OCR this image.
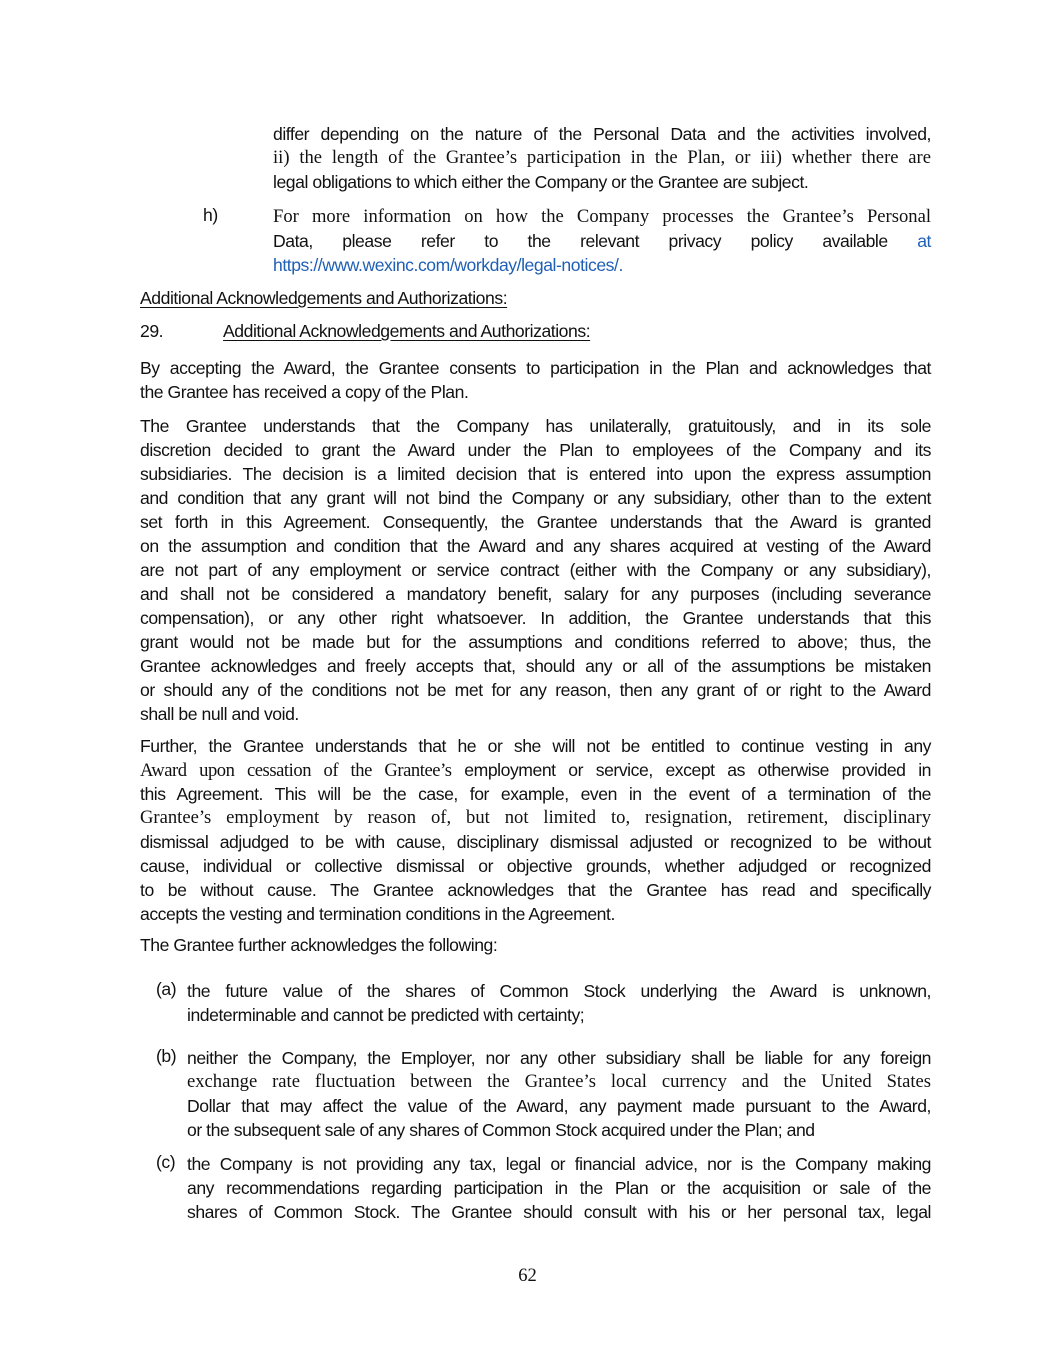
differ depending on the nature of the Personal Data and the activities involved,
ii) the length of the Grantee’s participation in the Plan, or iii) whether there are
legal obligations to which either the Company or the Grantee are subject.
h)	For more information on how the Company processes the Grantee’s Personal
Data, please refer to the relevant privacy policy available at
https://www.wexinc.com/workday/legal-notices/.
Additional Acknowledgements and Authorizations:
29.	Additional Acknowledgements and Authorizations:
By accepting the Award, the Grantee consents to participation in the Plan and acknowledges that
the Grantee has received a copy of the Plan.
The Grantee understands that the Company has unilaterally, gratuitously, and in its sole
discretion decided to grant the Award under the Plan to employees of the Company and its
subsidiaries. The decision is a limited decision that is entered into upon the express assumption
and condition that any grant will not bind the Company or any subsidiary, other than to the extent
set forth in this Agreement. Consequently, the Grantee understands that the Award is granted
on the assumption and condition that the Award and any shares acquired at vesting of the Award
are not part of any employment or service contract (either with the Company or any subsidiary),
and shall not be considered a mandatory benefit, salary for any purposes (including severance
compensation), or any other right whatsoever. In addition, the Grantee understands that this
grant would not be made but for the assumptions and conditions referred to above; thus, the
Grantee acknowledges and freely accepts that, should any or all of the assumptions be mistaken
or should any of the conditions not be met for any reason, then any grant of or right to the Award
shall be null and void.
Further, the Grantee understands that he or she will not be entitled to continue vesting in any
Award upon cessation of the Grantee’s employment or service, except as otherwise provided in
this Agreement. This will be the case, for example, even in the event of a termination of the
Grantee’s employment by reason of, but not limited to, resignation, retirement, disciplinary
dismissal adjudged to be with cause, disciplinary dismissal adjusted or recognized to be without
cause, individual or collective dismissal or objective grounds, whether adjudged or recognized
to be without cause. The Grantee acknowledges that the Grantee has read and specifically
accepts the vesting and termination conditions in the Agreement.
The Grantee further acknowledges the following:
(a) the future value of the shares of Common Stock underlying the Award is unknown,
indeterminable and cannot be predicted with certainty;
(b) neither the Company, the Employer, nor any other subsidiary shall be liable for any foreign
exchange rate fluctuation between the Grantee’s local currency and the United States
Dollar that may affect the value of the Award, any payment made pursuant to the Award,
or the subsequent sale of any shares of Common Stock acquired under the Plan; and
(c) the Company is not providing any tax, legal or financial advice, nor is the Company making
any recommendations regarding participation in the Plan or the acquisition or sale of the
shares of Common Stock. The Grantee should consult with his or her personal tax, legal
62
